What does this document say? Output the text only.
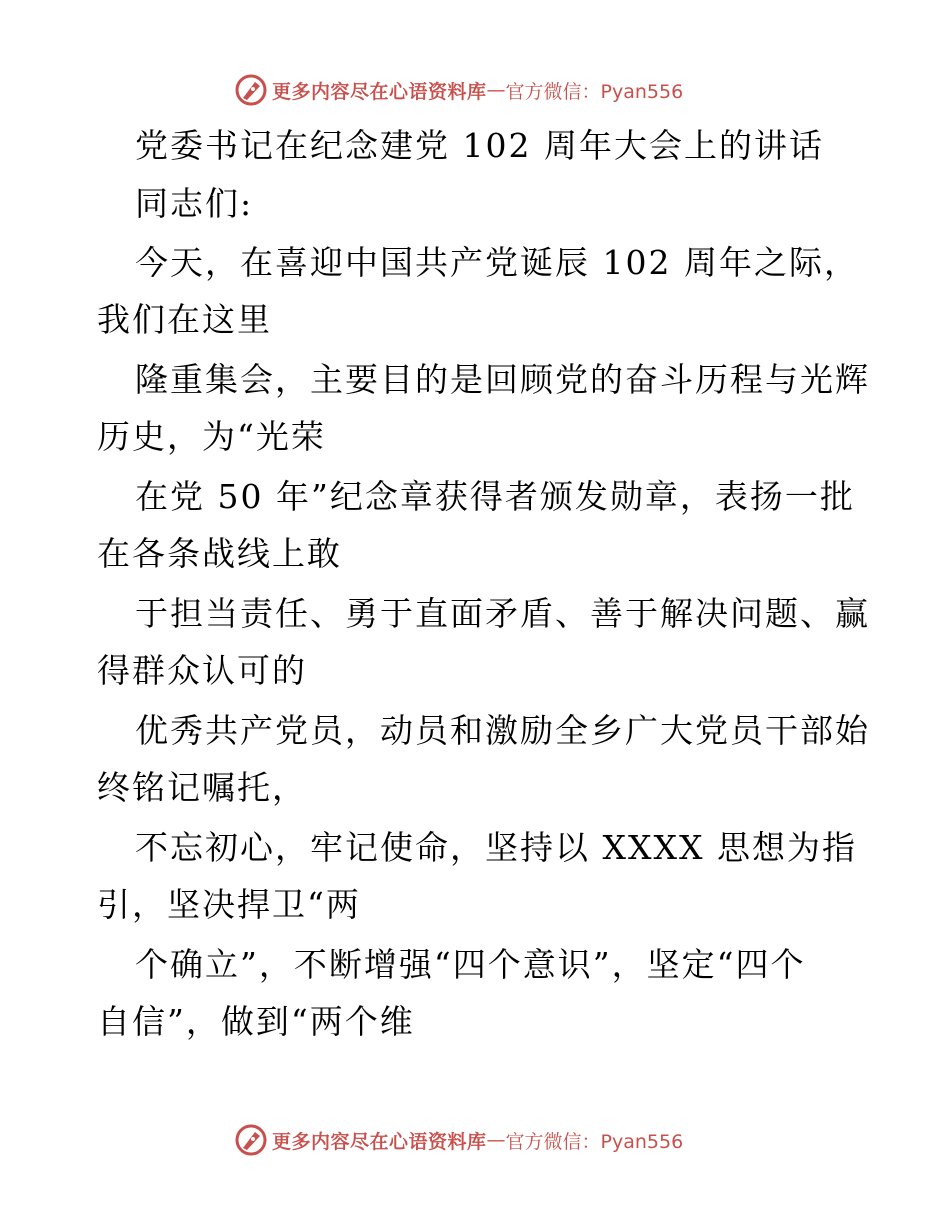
更多内容尽在心语资料库 — 官方微信：Pyan556
党委书记在纪念建党 102 周年大会上的讲话
同志们:
今天，在喜迎中国共产党诞辰 102 周年之际，
我们在这里
隆重集会，主要目的是回顾党的奋斗历程与光辉
历史，为“光荣
在党 50 年”纪念章获得者颁发勋章，表扬一批
在各条战线上敢
于担当责任、勇于直面矛盾、善于解决问题、赢
得群众认可的
优秀共产党员，动员和激励全乡广大党员干部始
终铭记嘱托，
不忘初心，牢记使命，坚持以 XXXX 思想为指
引，坚决捍卫“两
个确立”，不断增强“四个意识”，坚定“四个
自信”，做到“两个维
更多内容尽在心语资料库 — 官方微信：Pyan556
